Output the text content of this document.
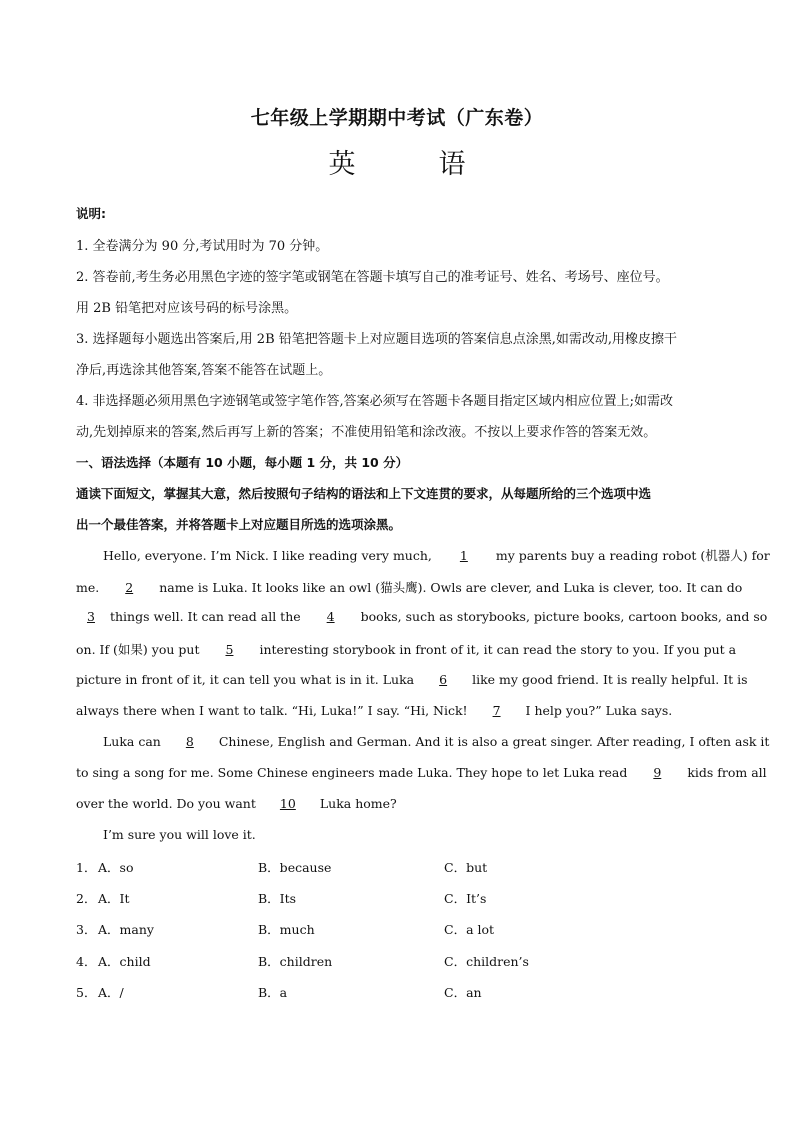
七年级上学期期中考试（广东卷）
英　语
说明:
1. 全卷满分为 90 分,考试用时为 70 分钟。
2. 答卷前,考生务必用黑色字迹的签字笔或钢笔在答题卡填写自己的准考证号、姓名、考场号、座位号。
用 2B 铅笔把对应该号码的标号涂黑。
3. 选择题每小题选出答案后,用 2B 铅笔把答题卡上对应题目选项的答案信息点涂黑,如需改动,用橡皮擦干
净后,再选涂其他答案,答案不能答在试题上。
4. 非选择题必须用黑色字迹钢笔或签字笔作答,答案必须写在答题卡各题目指定区域内相应位置上;如需改
动,先划掉原来的答案,然后再写上新的答案；不准使用铅笔和涂改液。不按以上要求作答的答案无效。
一、语法选择（本题有 10 小题，每小题 1 分，共 10 分）
通读下面短文，掌握其大意，然后按照句子结构的语法和上下文连贯的要求，从每题所给的三个选项中选
出一个最佳答案，并将答题卡上对应题目所选的选项涂黑。
Hello, everyone. I’m Nick. I like reading very much, 1 my parents buy a reading robot (机器人) for
me. 2 name is Luka. It looks like an owl (猫头鹰). Owls are clever, and Luka is clever, too. It can do
3 things well. It can read all the 4 books, such as storybooks, picture books, cartoon books, and so
on. If (如果) you put 5 interesting storybook in front of it, it can read the story to you. If you put a
picture in front of it, it can tell you what is in it. Luka 6 like my good friend. It is really helpful. It is
always there when I want to talk. “Hi, Luka!” I say. “Hi, Nick! 7 I help you?” Luka says.
Luka can 8 Chinese, English and German. And it is also a great singer. After reading, I often ask it
to sing a song for me. Some Chinese engineers made Luka. They hope to let Luka read 9 kids from all
over the world. Do you want 10 Luka home?
I’m sure you will love it.
1． A．so	B．because	C．but
2． A．It	B．Its	C．It’s
3． A．many	B．much	C．a lot
4． A．child	B．children	C．children’s
5． A．/	B．a	C．an
